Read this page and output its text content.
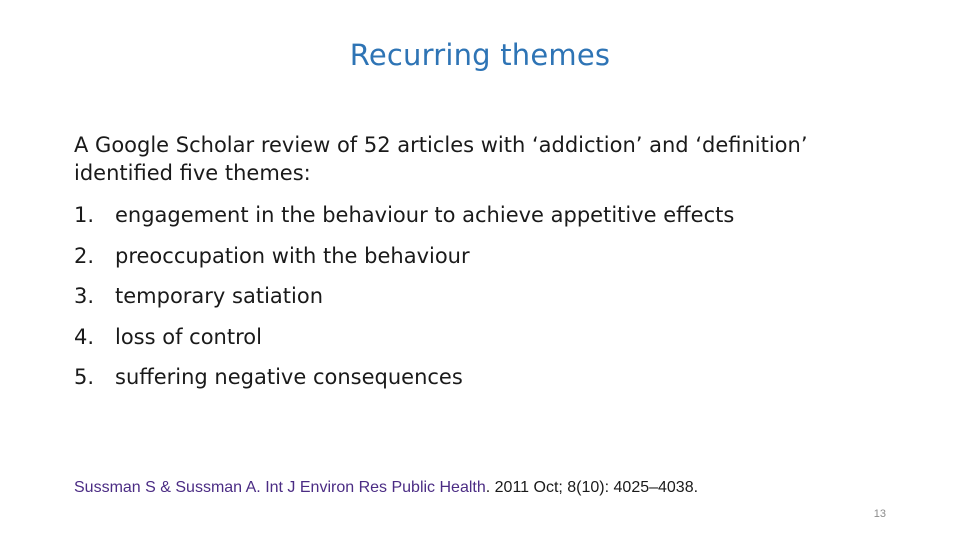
Recurring themes
A Google Scholar review of 52 articles with ‘addiction’ and ‘definition’ identified five themes:
1. engagement in the behaviour to achieve appetitive effects
2. preoccupation with the behaviour
3. temporary satiation
4. loss of control
5. suffering negative consequences
Sussman S & Sussman A. Int J Environ Res Public Health. 2011 Oct; 8(10): 4025–4038.
13
